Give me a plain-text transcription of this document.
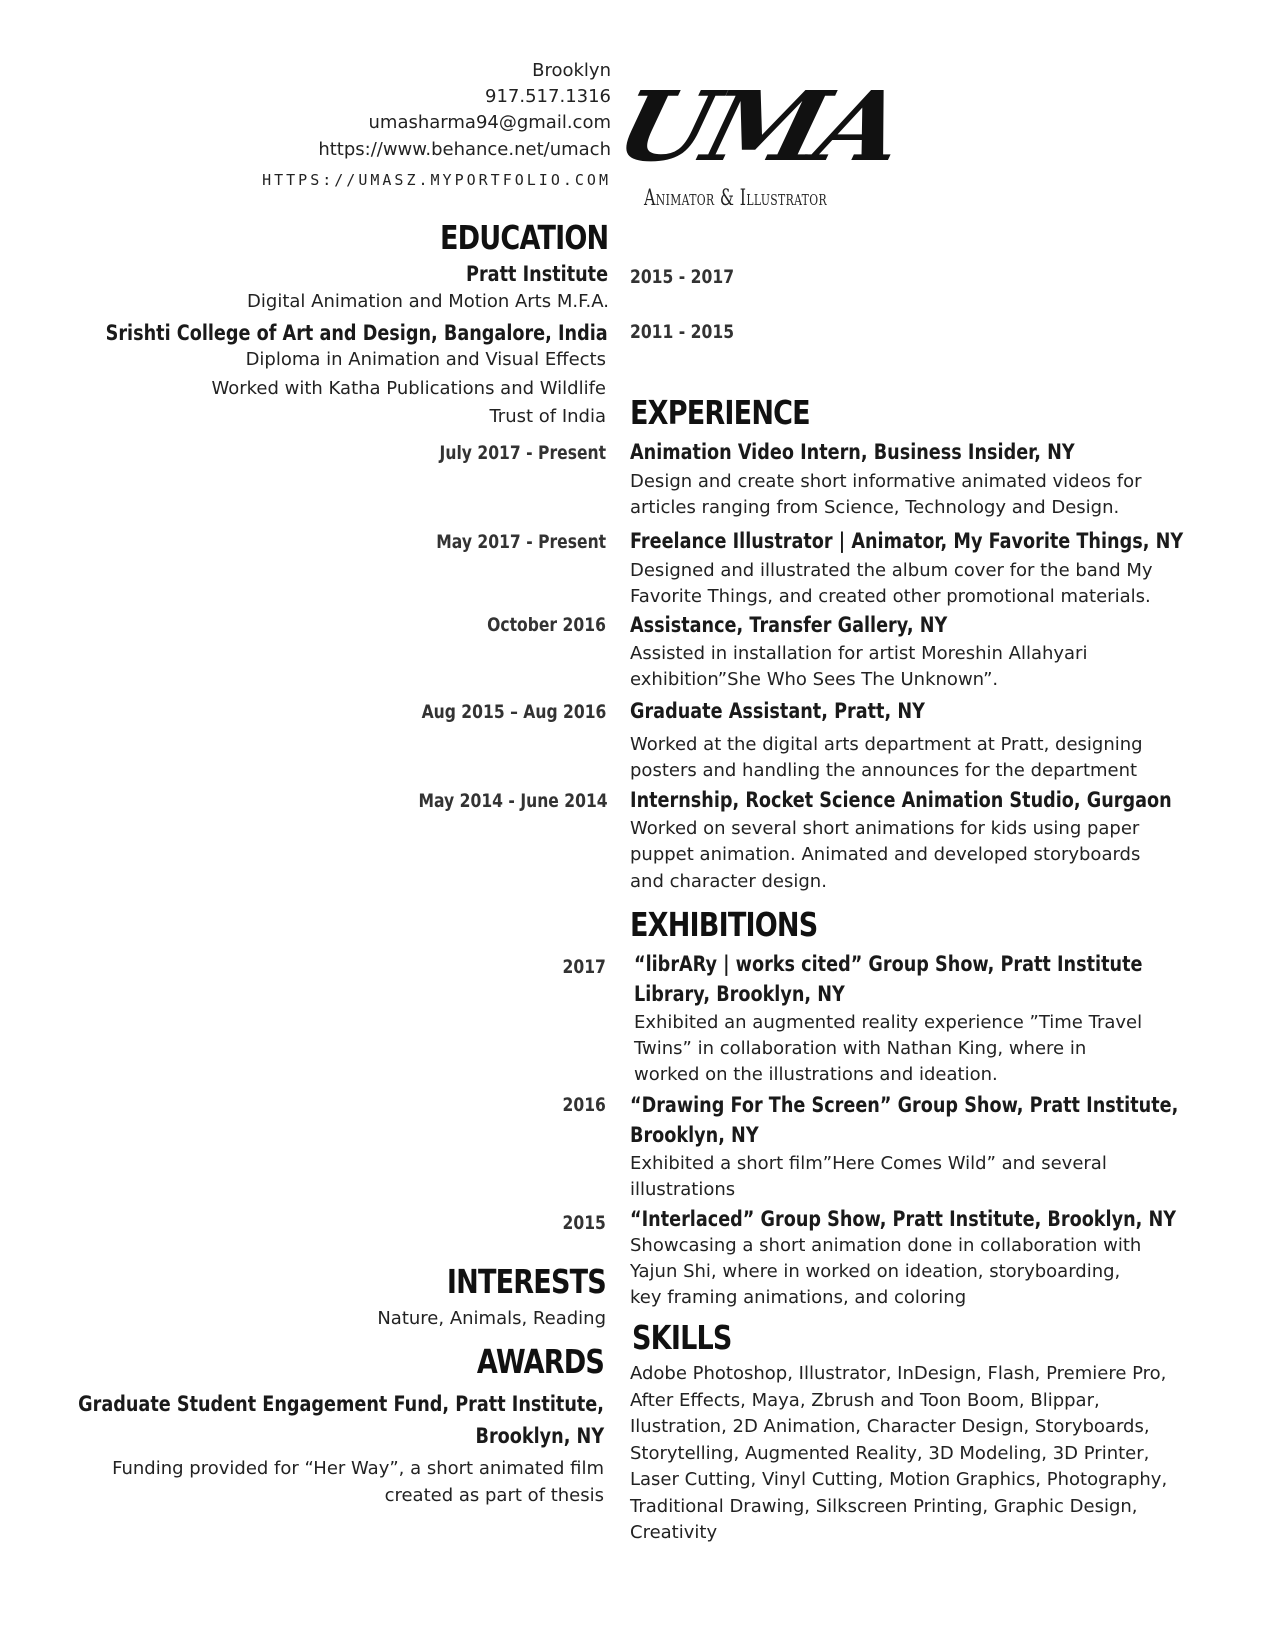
Brooklyn
917.517.1316
umasharma94@gmail.com
https://www.behance.net/umach
HTTPS://UMASZ.MYPORTFOLIO.COM
UMA
Animator & Illustrator
EDUCATION
Pratt Institute 2015 - 2017
Digital Animation and Motion Arts M.F.A.
Srishti College of Art and Design, Bangalore, India 2011 - 2015
Diploma in Animation and Visual Effects
Worked with Katha Publications and Wildlife
Trust of India EXPERIENCE
July 2017 - Present Animation Video Intern, Business Insider, NY
Design and create short informative animated videos for
articles ranging from Science, Technology and Design.
May 2017 - Present Freelance Illustrator | Animator, My Favorite Things, NY
Designed and illustrated the album cover for the band My
Favorite Things, and created other promotional materials.
October 2016 Assistance, Transfer Gallery, NY
Assisted in installation for artist Moreshin Allahyari
exhibition”She Who Sees The Unknown”.
Aug 2015 – Aug 2016 Graduate Assistant, Pratt, NY
Worked at the digital arts department at Pratt, designing
posters and handling the announces for the department
May 2014 - June 2014 Internship, Rocket Science Animation Studio, Gurgaon
Worked on several short animations for kids using paper
puppet animation. Animated and developed storyboards
and character design.
EXHIBITIONS
2017 “librARy | works cited” Group Show, Pratt Institute
Library, Brooklyn, NY
Exhibited an augmented reality experience ”Time Travel
Twins” in collaboration with Nathan King, where in
worked on the illustrations and ideation.
2016 “Drawing For The Screen” Group Show, Pratt Institute,
Brooklyn, NY
Exhibited a short film”Here Comes Wild” and several
illustrations
2015 “Interlaced” Group Show, Pratt Institute, Brooklyn, NY
Showcasing a short animation done in collaboration with
Yajun Shi, where in worked on ideation, storyboarding,
key framing animations, and coloring
INTERESTS
Nature, Animals, Reading
AWARDS
Graduate Student Engagement Fund, Pratt Institute,
Brooklyn, NY
Funding provided for “Her Way”, a short animated film
created as part of thesis
SKILLS
Adobe Photoshop, Illustrator, InDesign, Flash, Premiere Pro,
After Effects, Maya, Zbrush and Toon Boom, Blippar,
Ilustration, 2D Animation, Character Design, Storyboards,
Storytelling, Augmented Reality, 3D Modeling, 3D Printer,
Laser Cutting, Vinyl Cutting, Motion Graphics, Photography,
Traditional Drawing, Silkscreen Printing, Graphic Design,
Creativity
